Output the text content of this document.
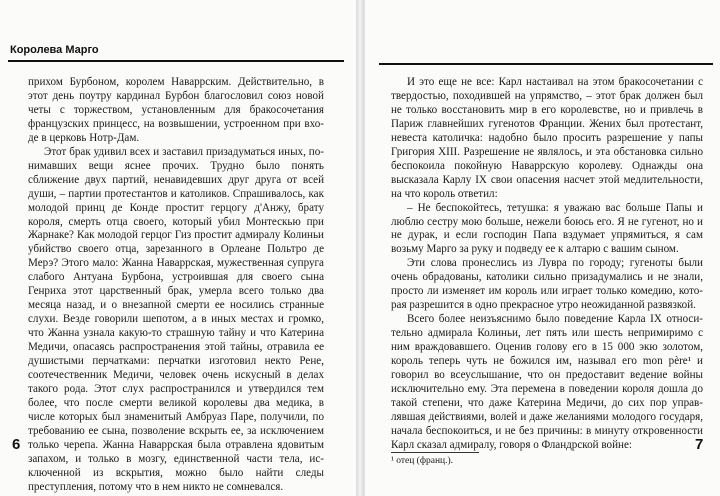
Королева Марго

прихом Бурбоном, королем Наваррским. Действительно, в этот день поутру кардинал Бурбон благословил союз новой четы с торжеством, установленным для бракосочетания французских принцесс, на возвышении, устроенном при входе в церковь Нотр-Дам.

Этот брак удивил всех и заставил призадуматься иных, понимавших вещи яснее прочих. Трудно было понять сближение двух партий, ненавидевших друг друга от всей души, – партии протестантов и католиков. Спрашивалось, как молодой принц де Конде простит герцогу д'Анжу, брату короля, смерть отца своего, который убил Монтескью при Жарнаке? Как молодой герцог Гиз простит адмиралу Колиньи убийство своего отца, зарезанного в Орлеане Польтро де Мерэ? Этого мало: Жанна Наваррская, мужественная супруга слабого Антуана Бурбона, устроившая для своего сына Генриха этот царственный брак, умерла всего только два месяца назад, и о внезапной смерти ее носились странные слухи. Везде говорили шепотом, а в иных местах и громко, что Жанна узнала какую-то страшную тайну и что Катерина Медичи, опасаясь распространения этой тайны, отравила ее душистыми перчатками: перчатки изготовил некто Рене, соотечественник Медичи, человек очень искусный в делах такого рода. Этот слух распространился и утвердился тем более, что после смерти великой королевы два медика, в числе которых был знаменитый Амбруаз Паре, получили, по требованию ее сына, позволение вскрыть ее, за исключением только черепа. Жанна Наваррская была отравлена ядовитым запахом, и только в мозгу, единственной части тела, исключенной из вскрытия, можно было найти следы преступления, потому что в нем никто не сомневался.

6

И это еще не все: Карл настаивал на этом бракосочетании с твердостью, походившей на упрямство, – этот брак должен был не только восстановить мир в его королевстве, но и привлечь в Париж главнейших гугенотов Франции. Жених был протестант, невеста католичка: надобно было просить разрешение у папы Григория XIII. Разрешение не являлось, и эта обстановка сильно беспокоила покойную Наваррскую королеву. Однажды она высказала Карлу IX свои опасения насчет этой медлительности, на что король ответил:

– Не беспокойтесь, тетушка: я уважаю вас больше Папы и люблю сестру мою больше, нежели боюсь его. Я не гугенот, но и не дурак, и если господин Папа вздумает упрямиться, я сам возьму Марго за руку и подведу ее к алтарю с вашим сыном.

Эти слова пронеслись из Лувра по городу; гугеноты были очень обрадованы, католики сильно призадумались и не знали, просто ли изменяет им король или играет только комедию, которая разрешится в одно прекрасное утро неожиданной развязкой.

Всего более неизъяснимо было поведение Карла IX относительно адмирала Колиньи, лет пять или шесть непримиримо с ним враждовавшего. Оценив голову его в 15 000 экю золотом, король теперь чуть не божился им, называл его mon père¹ и говорил во всеуслышание, что он предоставит ведение войны исключительно ему. Эта перемена в поведении короля дошла до такой степени, что даже Катерина Медичи, до сих пор управлявшая действиями, волей и даже желаниями молодого государя, начала беспокоиться, и не без причины: в минуту откровенности Карл сказал адмиралу, говоря о Фландрской войне:

¹ отец (франц.).
7
